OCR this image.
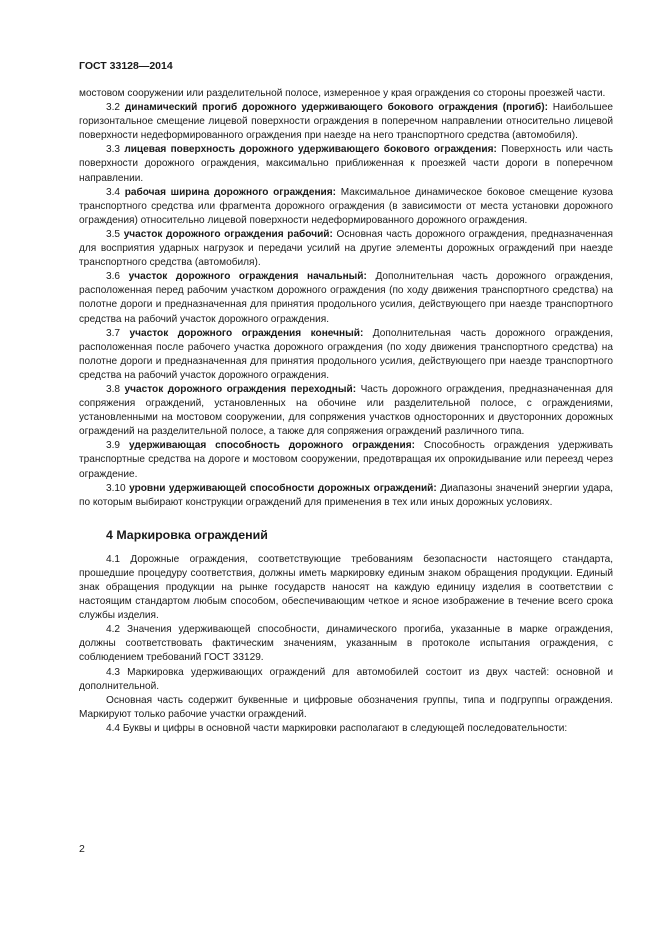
ГОСТ 33128—2014

мостовом сооружении или разделительной полосе, измеренное у края ограждения со стороны проезжей части.

3.2 динамический прогиб дорожного удерживающего бокового ограждения (прогиб): Наибольшее горизонтальное смещение лицевой поверхности ограждения в поперечном направлении относительно лицевой поверхности недеформированного ограждения при наезде на него транспортного средства (автомобиля).

3.3 лицевая поверхность дорожного удерживающего бокового ограждения: Поверхность или часть поверхности дорожного ограждения, максимально приближенная к проезжей части дороги в поперечном направлении.

3.4 рабочая ширина дорожного ограждения: Максимальное динамическое боковое смещение кузова транспортного средства или фрагмента дорожного ограждения (в зависимости от места установки дорожного ограждения) относительно лицевой поверхности недеформированного дорожного ограждения.

3.5 участок дорожного ограждения рабочий: Основная часть дорожного ограждения, предназначенная для восприятия ударных нагрузок и передачи усилий на другие элементы дорожных ограждений при наезде транспортного средства (автомобиля).

3.6 участок дорожного ограждения начальный: Дополнительная часть дорожного ограждения, расположенная перед рабочим участком дорожного ограждения (по ходу движения транспортного средства) на полотне дороги и предназначенная для принятия продольного усилия, действующего при наезде транспортного средства на рабочий участок дорожного ограждения.

3.7 участок дорожного ограждения конечный: Дополнительная часть дорожного ограждения, расположенная после рабочего участка дорожного ограждения (по ходу движения транспортного средства) на полотне дороги и предназначенная для принятия продольного усилия, действующего при наезде транспортного средства на рабочий участок дорожного ограждения.

3.8 участок дорожного ограждения переходный: Часть дорожного ограждения, предназначенная для сопряжения ограждений, установленных на обочине или разделительной полосе, с ограждениями, установленными на мостовом сооружении, для сопряжения участков односторонних и двусторонних дорожных ограждений на разделительной полосе, а также для сопряжения ограждений различного типа.

3.9 удерживающая способность дорожного ограждения: Способность ограждения удерживать транспортные средства на дороге и мостовом сооружении, предотвращая их опрокидывание или переезд через ограждение.

3.10 уровни удерживающей способности дорожных ограждений: Диапазоны значений энергии удара, по которым выбирают конструкции ограждений для применения в тех или иных дорожных условиях.

4 Маркировка ограждений

4.1 Дорожные ограждения, соответствующие требованиям безопасности настоящего стандарта, прошедшие процедуру соответствия, должны иметь маркировку единым знаком обращения продукции. Единый знак обращения продукции на рынке государств наносят на каждую единицу изделия в соответствии с настоящим стандартом любым способом, обеспечивающим четкое и ясное изображение в течение всего срока службы изделия.

4.2 Значения удерживающей способности, динамического прогиба, указанные в марке ограждения, должны соответствовать фактическим значениям, указанным в протоколе испытания ограждения, с соблюдением требований ГОСТ 33129.

4.3 Маркировка удерживающих ограждений для автомобилей состоит из двух частей: основной и дополнительной.

Основная часть содержит буквенные и цифровые обозначения группы, типа и подгруппы ограждения. Маркируют только рабочие участки ограждений.

4.4 Буквы и цифры в основной части маркировки располагают в следующей последовательности:

2
